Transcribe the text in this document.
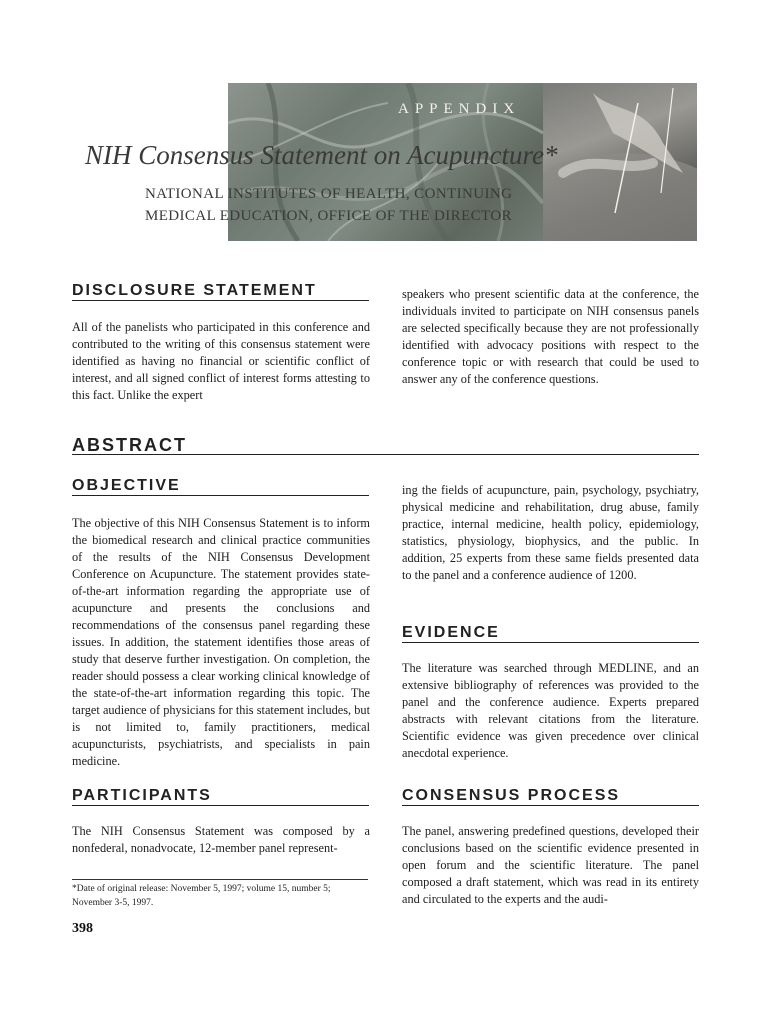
APPENDIX

NIH Consensus Statement on Acupuncture*
NATIONAL INSTITUTES OF HEALTH, CONTINUING
MEDICAL EDUCATION, OFFICE OF THE DIRECTOR
DISCLOSURE STATEMENT

All of the panelists who participated in this conference and contributed to the writing of this consensus statement were identified as having no financial or scientific conflict of interest, and all signed conflict of interest forms attesting to this fact. Unlike the expert

speakers who present scientific data at the conference, the individuals invited to participate on NIH consensus panels are selected specifically because they are not professionally identified with advocacy positions with respect to the conference topic or with research that could be used to answer any of the conference questions.

ABSTRACT
OBJECTIVE

The objective of this NIH Consensus Statement is to inform the biomedical research and clinical practice communities of the results of the NIH Consensus Development Conference on Acupuncture. The statement provides state-of-the-art information regarding the appropriate use of acupuncture and presents the conclusions and recommendations of the consensus panel regarding these issues. In addition, the statement identifies those areas of study that deserve further investigation. On completion, the reader should possess a clear working clinical knowledge of the state-of-the-art information regarding this topic. The target audience of physicians for this statement includes, but is not limited to, family practitioners, medical acupuncturists, psychiatrists, and specialists in pain medicine.

PARTICIPANTS

The NIH Consensus Statement was composed by a nonfederal, nonadvocate, 12-member panel represent-

ing the fields of acupuncture, pain, psychology, psychiatry, physical medicine and rehabilitation, drug abuse, family practice, internal medicine, health policy, epidemiology, statistics, physiology, biophysics, and the public. In addition, 25 experts from these same fields presented data to the panel and a conference audience of 1200.

EVIDENCE

The literature was searched through MEDLINE, and an extensive bibliography of references was provided to the panel and the conference audience. Experts prepared abstracts with relevant citations from the literature. Scientific evidence was given precedence over clinical anecdotal experience.

CONSENSUS PROCESS

The panel, answering predefined questions, developed their conclusions based on the scientific evidence presented in open forum and the scientific literature. The panel composed a draft statement, which was read in its entirety and circulated to the experts and the audi-

*Date of original release: November 5, 1997; volume 15, number 5; November 3-5, 1997.

398
